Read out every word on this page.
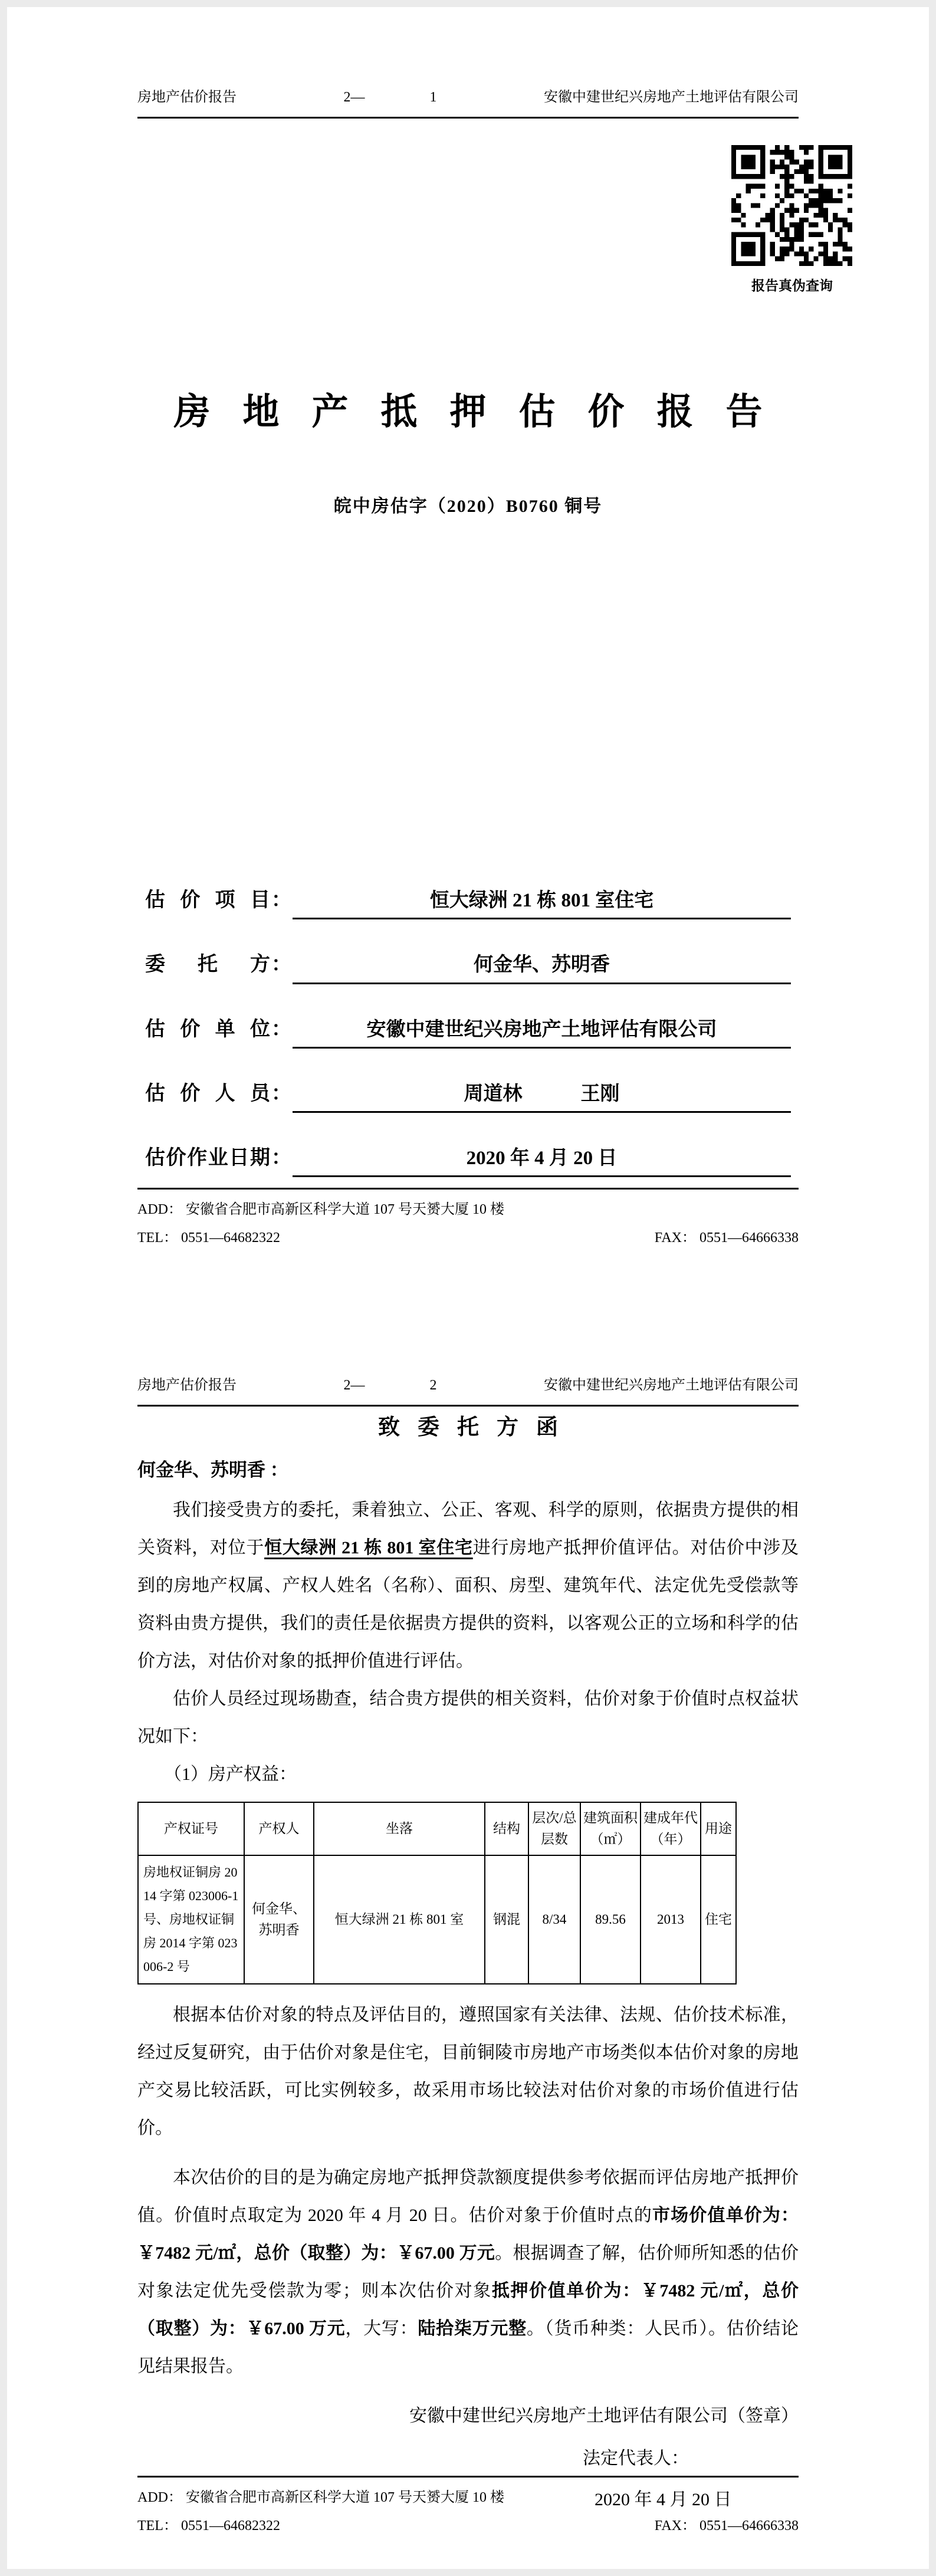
房地产估价报告	2—	1	安徽中建世纪兴房地产土地评估有限公司
报告真伪查询
房地产抵押估价报告
皖中房估字（2020）B0760 铜号
估价项目 ：	恒大绿洲 21 栋 801 室住宅
委托方 ：	何金华、苏明香
估价单位 ：	安徽中建世纪兴房地产土地评估有限公司
估价人员 ：	周道林　　　王刚
估价作业日期 ：	2020 年 4 月 20 日
ADD： 安徽省合肥市高新区科学大道 107 号天赟大厦 10 楼
TEL： 0551—64682322	FAX： 0551—64666338
房地产估价报告	2—	2	安徽中建世纪兴房地产土地评估有限公司
致委托方函
何金华、苏明香 ：

我们接受贵方的委托，秉着独立、公正、客观、科学的原则，依据贵方提供的相关资料，对位于恒大绿洲 21 栋 801 室住宅进行房地产抵押价值评估。对估价中涉及到的房地产权属、产权人姓名（名称）、面积、房型、建筑年代、法定优先受偿款等资料由贵方提供，我们的责任是依据贵方提供的资料，以客观公正的立场和科学的估价方法，对估价对象的抵押价值进行评估。

估价人员经过现场勘查，结合贵方提供的相关资料，估价对象于价值时点权益状况如下：

（1）房产权益：

产权证号	产权人	坐落	结构	层次/总层数	建筑面积（㎡）	建成年代（年）	用途
房地权证铜房 2014 字第 023006-1 号、房地权证铜房 2014 字第 023006-2 号	何金华、苏明香	恒大绿洲 21 栋 801 室	钢混	8/34	89.56	2013	住宅

根据本估价对象的特点及评估目的，遵照国家有关法律、法规、估价技术标准，经过反复研究，由于估价对象是住宅，目前铜陵市房地产市场类似本估价对象的房地产交易比较活跃，可比实例较多，故采用市场比较法对估价对象的市场价值进行估价。

本次估价的目的是为确定房地产抵押贷款额度提供参考依据而评估房地产抵押价值。价值时点取定为 2020 年 4 月 20 日。估价对象于价值时点的市场价值单价为：￥7482 元/㎡，总价（取整）为：￥67.00 万元。根据调查了解，估价师所知悉的估价对象法定优先受偿款为零；则本次估价对象抵押价值单价为：￥7482 元/㎡，总价（取整）为：￥67.00 万元，大写：陆拾柒万元整。（货币种类：人民币）。估价结论见结果报告。

安徽中建世纪兴房地产土地评估有限公司（签章）
法定代表人：
2020 年 4 月 20 日
ADD： 安徽省合肥市高新区科学大道 107 号天赟大厦 10 楼
TEL： 0551—64682322	FAX： 0551—64666338
